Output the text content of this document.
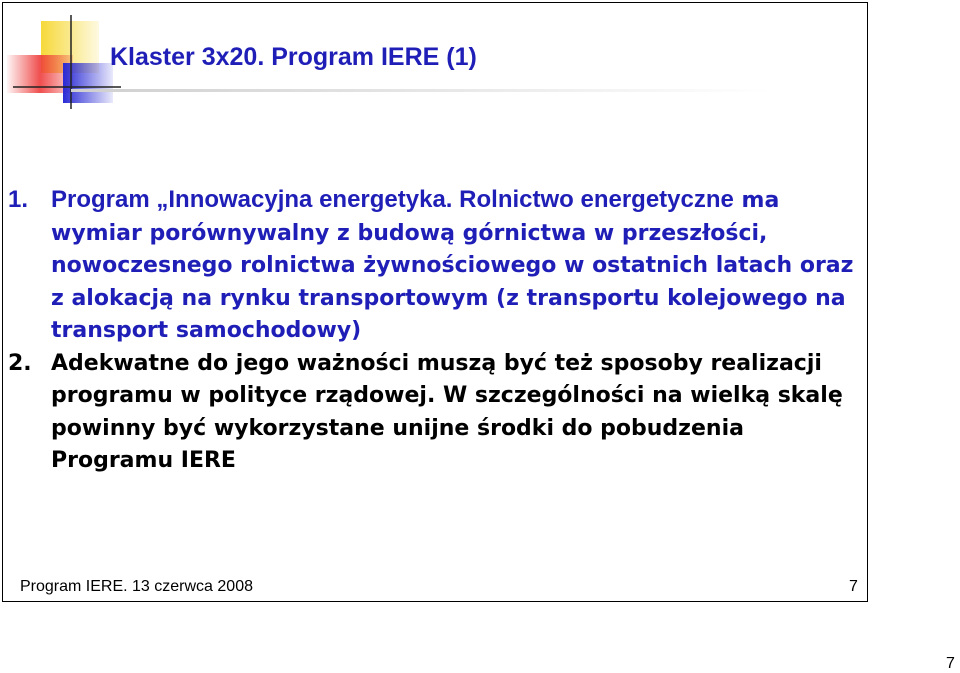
Klaster 3x20. Program IERE (1)

1. Program „Innowacyjna energetyka. Rolnictwo energetyczne ma wymiar porównywalny z budową górnictwa w przeszłości, nowoczesnego rolnictwa żywnościowego w ostatnich latach oraz z alokacją na rynku transportowym (z transportu kolejowego na transport samochodowy)

2. Adekwatne do jego ważności muszą być też sposoby realizacji programu w polityce rządowej. W szczególności na wielką skalę powinny być wykorzystane unijne środki do pobudzenia Programu IERE

Program IERE. 13 czerwca 2008	7
7
